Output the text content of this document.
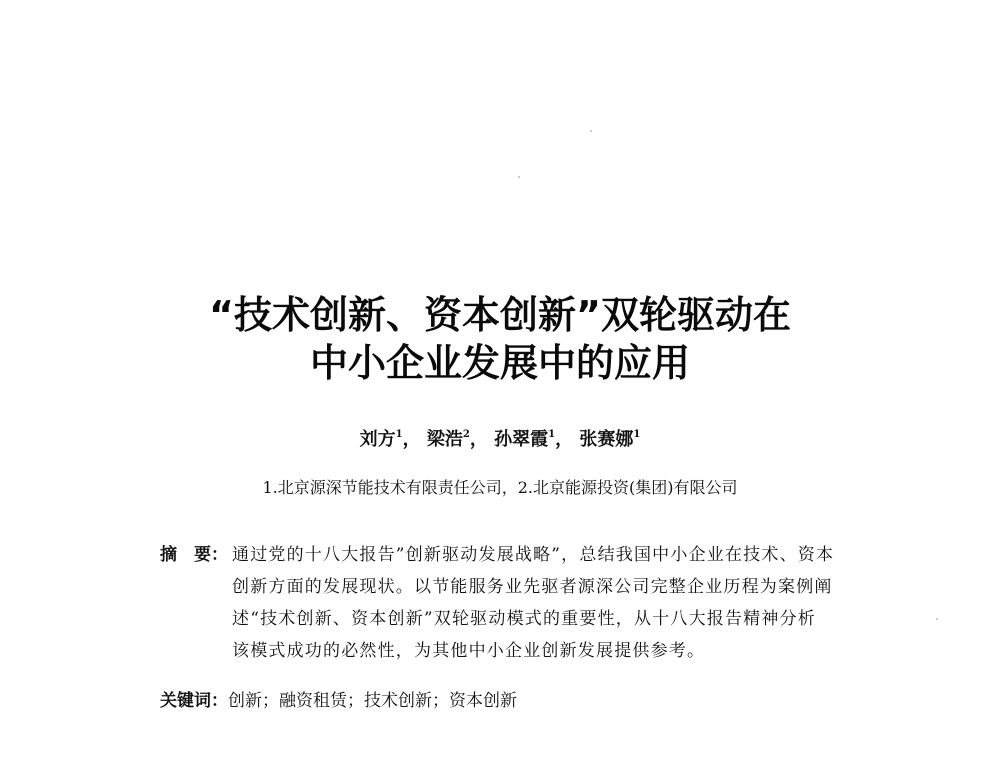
“技术创新、资本创新”双轮驱动在
中小企业发展中的应用
刘方$^1$， 梁浩$^2$， 孙翠霞$^1$， 张赛娜$^1$
1.北京源深节能技术有限责任公司，2.北京能源投资(集团)有限公司
摘　要： 通过党的十八大报告”创新驱动发展战略”，总结我国中小企业在技术、资本
创新方面的发展现状。以节能服务业先驱者源深公司完整企业历程为案例阐
述“技术创新、资本创新”双轮驱动模式的重要性，从十八大报告精神分析
该模式成功的必然性，为其他中小企业创新发展提供参考。
关键词：创新；融资租赁；技术创新；资本创新
